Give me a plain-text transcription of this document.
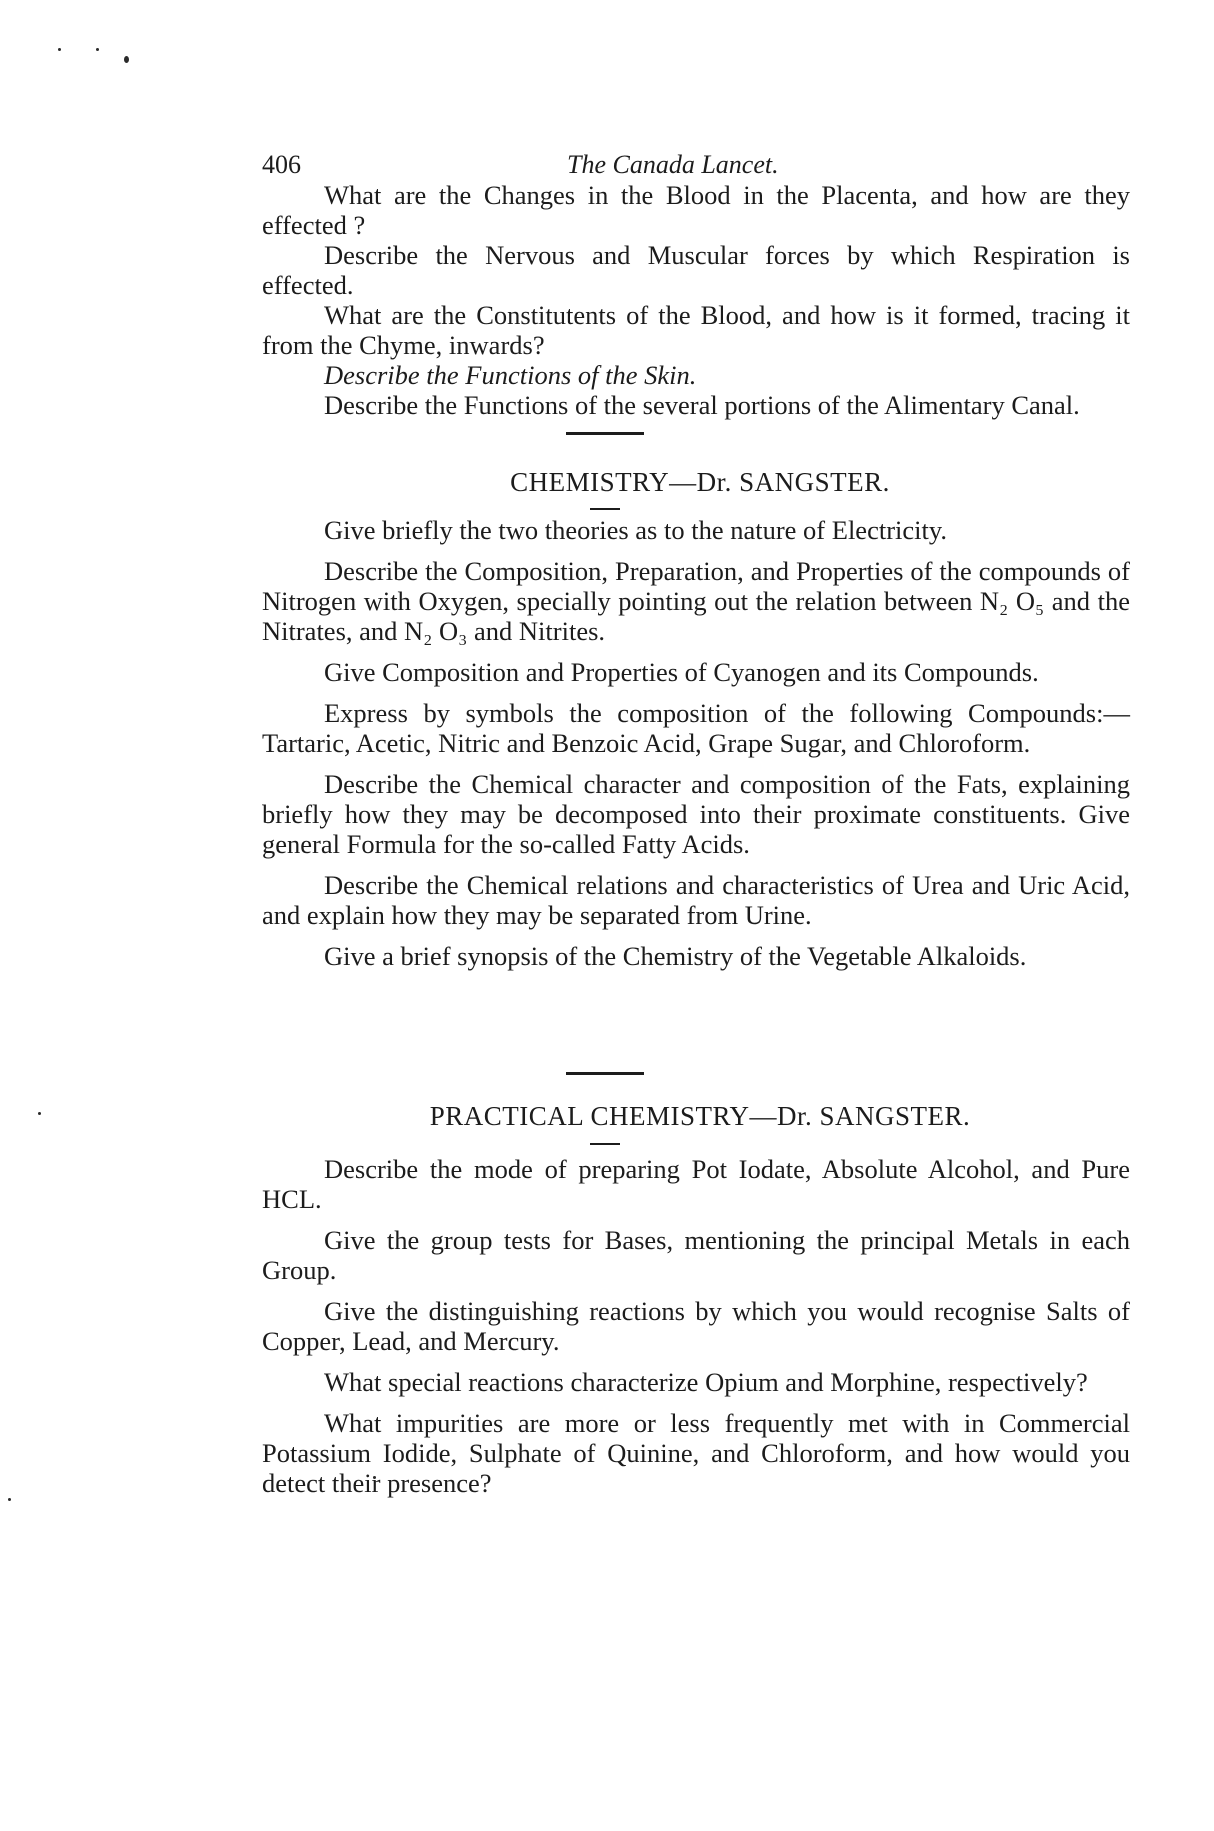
406	The Canada Lancet.

What are the Changes in the Blood in the Placenta, and how are they effected ?

Describe the Nervous and Muscular forces by which Respiration is effected.

What are the Constitutents of the Blood, and how is it formed, tracing it from the Chyme, inwards?

Describe the Functions of the Skin.

Describe the Functions of the several portions of the Alimentary Canal.

CHEMISTRY—Dr. SANGSTER.

Give briefly the two theories as to the nature of Electricity.

Describe the Composition, Preparation, and Properties of the compounds of Nitrogen with Oxygen, specially pointing out the relation between N₂ O₅ and the Nitrates, and N₂ O₃ and Nitrites.

Give Composition and Properties of Cyanogen and its Compounds.

Express by symbols the composition of the following Compounds:—Tartaric, Acetic, Nitric and Benzoic Acid, Grape Sugar, and Chloroform.

Describe the Chemical character and composition of the Fats, explaining briefly how they may be decomposed into their proximate constituents. Give general Formula for the so-called Fatty Acids.

Describe the Chemical relations and characteristics of Urea and Uric Acid, and explain how they may be separated from Urine.

Give a brief synopsis of the Chemistry of the Vegetable Alkaloids.

PRACTICAL CHEMISTRY—Dr. SANGSTER.

Describe the mode of preparing Pot Iodate, Absolute Alcohol, and Pure HCL.

Give the group tests for Bases, mentioning the principal Metals in each Group.

Give the distinguishing reactions by which you would recognise Salts of Copper, Lead, and Mercury.

What special reactions characterize Opium and Morphine, respectively?

What impurities are more or less frequently met with in Commercial Potassium Iodide, Sulphate of Quinine, and Chloroform, and how would you detect their presence?
